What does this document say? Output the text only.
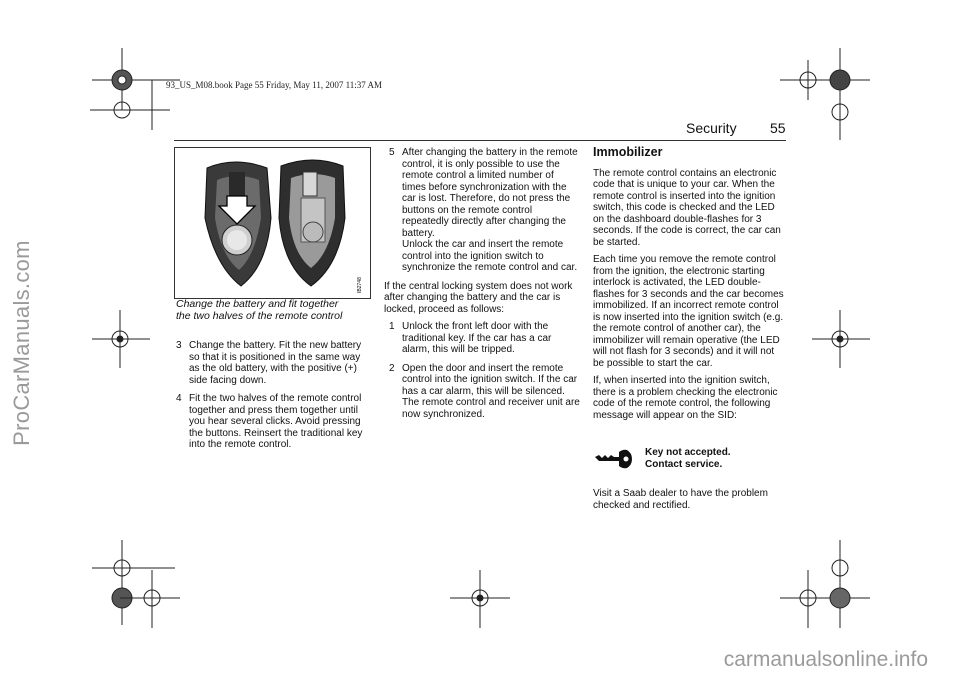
ProCarManuals.com
93_US_M08.book Page 55 Friday, May 11, 2007 11:37 AM
Security 55
IB2748
Change the battery and fit together
the two halves of the remote control
3 Change the battery. Fit the new battery so that it is positioned in the same way as the old battery, with the positive (+) side facing down.
4 Fit the two halves of the remote control together and press them together until you hear several clicks. Avoid pressing the buttons. Reinsert the traditional key into the remote control.
5 After changing the battery in the remote control, it is only possible to use the remote control a limited number of times before synchronization with the car is lost. Therefore, do not press the buttons on the remote control repeatedly directly after changing the battery.
Unlock the car and insert the remote control into the ignition switch to synchronize the remote control and car.
If the central locking system does not work after changing the battery and the car is locked, proceed as follows:
1 Unlock the front left door with the traditional key. If the car has a car alarm, this will be tripped.
2 Open the door and insert the remote control into the ignition switch. If the car has a car alarm, this will be silenced. The remote control and receiver unit are now synchronized.
Immobilizer
The remote control contains an electronic code that is unique to your car. When the remote control is inserted into the ignition switch, this code is checked and the LED on the dashboard double-flashes for 3 seconds. If the code is correct, the car can be started.
Each time you remove the remote control from the ignition, the electronic starting interlock is activated, the LED double-flashes for 3 seconds and the car becomes immobilized. If an incorrect remote control is now inserted into the ignition switch (e.g. the remote control of another car), the immobilizer will remain operative (the LED will not flash for 3 seconds) and it will not be possible to start the car.
If, when inserted into the ignition switch, there is a problem checking the electronic code of the remote control, the following message will appear on the SID:
Key not accepted.
Contact service.
Visit a Saab dealer to have the problem checked and rectified.
carmanualsonline.info
